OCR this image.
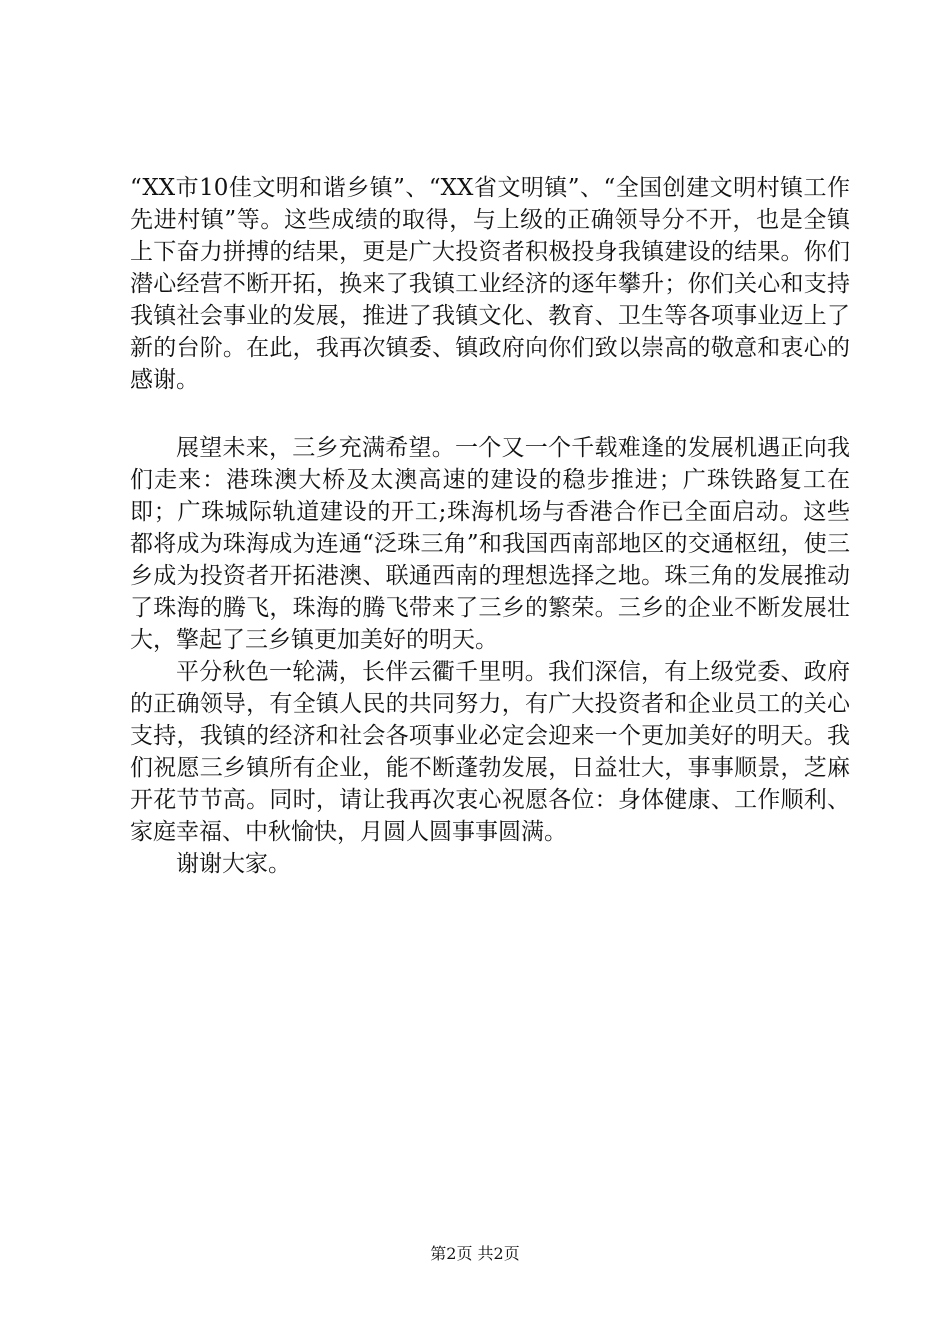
“XX市10佳文明和谐乡镇”、“XX省文明镇”、“全国创建文明村镇工作先进村镇”等。这些成绩的取得，与上级的正确领导分不开，也是全镇上下奋力拼搏的结果，更是广大投资者积极投身我镇建设的结果。你们潜心经营不断开拓，换来了我镇工业经济的逐年攀升；你们关心和支持我镇社会事业的发展，推进了我镇文化、教育、卫生等各项事业迈上了新的台阶。在此，我再次镇委、镇政府向你们致以崇高的敬意和衷心的感谢。

展望未来，三乡充满希望。一个又一个千载难逢的发展机遇正向我们走来：港珠澳大桥及太澳高速的建设的稳步推进；广珠铁路复工在即；广珠城际轨道建设的开工;珠海机场与香港合作已全面启动。这些都将成为珠海成为连通“泛珠三角”和我国西南部地区的交通枢纽，使三乡成为投资者开拓港澳、联通西南的理想选择之地。珠三角的发展推动了珠海的腾飞，珠海的腾飞带来了三乡的繁荣。三乡的企业不断发展壮大，擎起了三乡镇更加美好的明天。

平分秋色一轮满，长伴云衢千里明。我们深信，有上级党委、政府的正确领导，有全镇人民的共同努力，有广大投资者和企业员工的关心支持，我镇的经济和社会各项事业必定会迎来一个更加美好的明天。我们祝愿三乡镇所有企业，能不断蓬勃发展，日益壮大，事事顺景，芝麻开花节节高。同时，请让我再次衷心祝愿各位：身体健康、工作顺利、家庭幸福、中秋愉快，月圆人圆事事圆满。

谢谢大家。

第2页 共2页
